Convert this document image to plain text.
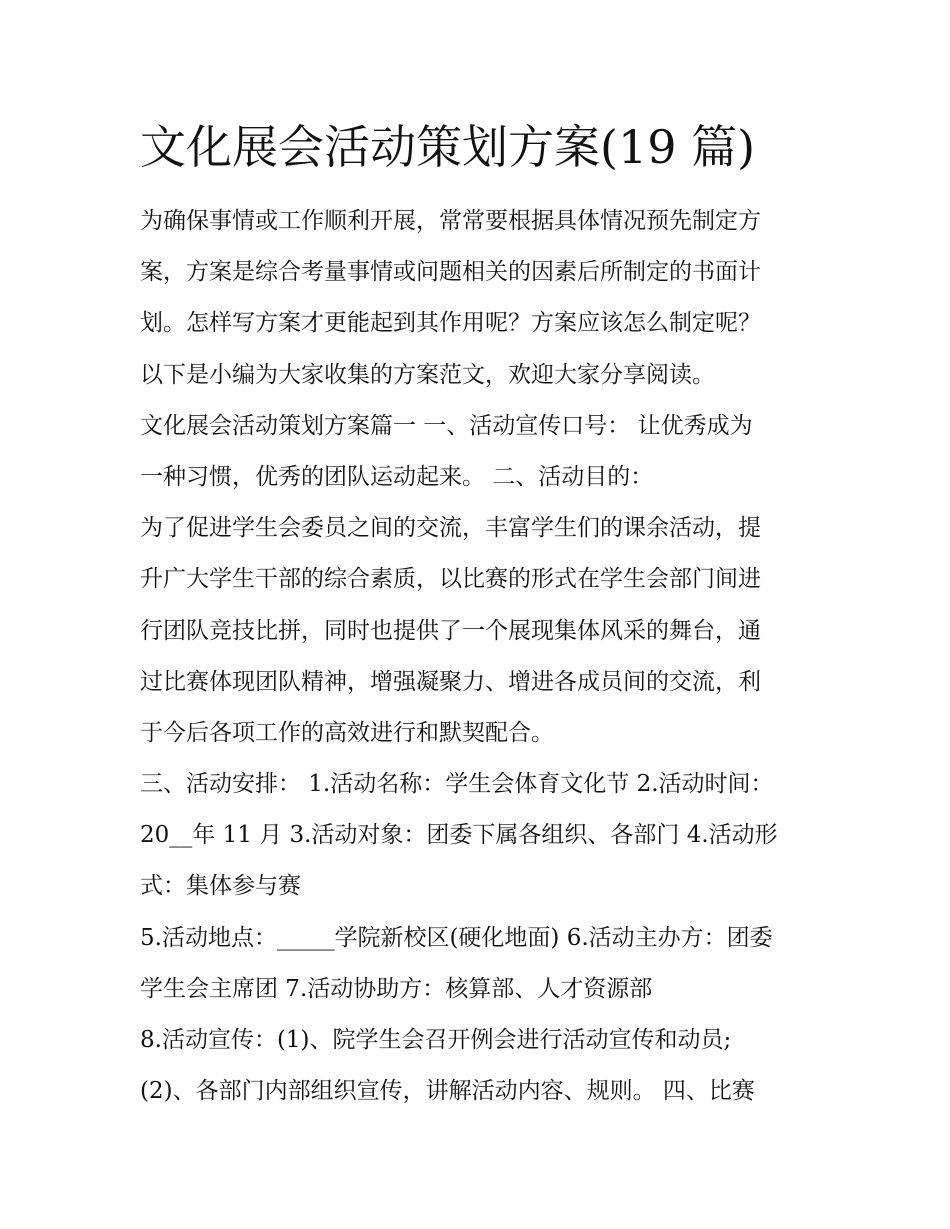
文化展会活动策划方案(19 篇)
为确保事情或工作顺利开展，常常要根据具体情况预先制定方
案，方案是综合考量事情或问题相关的因素后所制定的书面计
划。怎样写方案才更能起到其作用呢？方案应该怎么制定呢？
以下是小编为大家收集的方案范文，欢迎大家分享阅读。
文化展会活动策划方案篇一 一、活动宣传口号： 让优秀成为
一种习惯，优秀的团队运动起来。 二、活动目的：
为了促进学生会委员之间的交流，丰富学生们的课余活动，提
升广大学生干部的综合素质，以比赛的形式在学生会部门间进
行团队竞技比拼，同时也提供了一个展现集体风采的舞台，通
过比赛体现团队精神，增强凝聚力、增进各成员间的交流，利
于今后各项工作的高效进行和默契配合。
三、活动安排： 1.活动名称：学生会体育文化节 2.活动时间：
20__年 11 月 3.活动对象：团委下属各组织、各部门 4.活动形
式：集体参与赛
5.活动地点：_____学院新校区(硬化地面) 6.活动主办方：团委
学生会主席团 7.活动协助方：核算部、人才资源部
8.活动宣传：(1)、院学生会召开例会进行活动宣传和动员;
(2)、各部门内部组织宣传，讲解活动内容、规则。 四、比赛
